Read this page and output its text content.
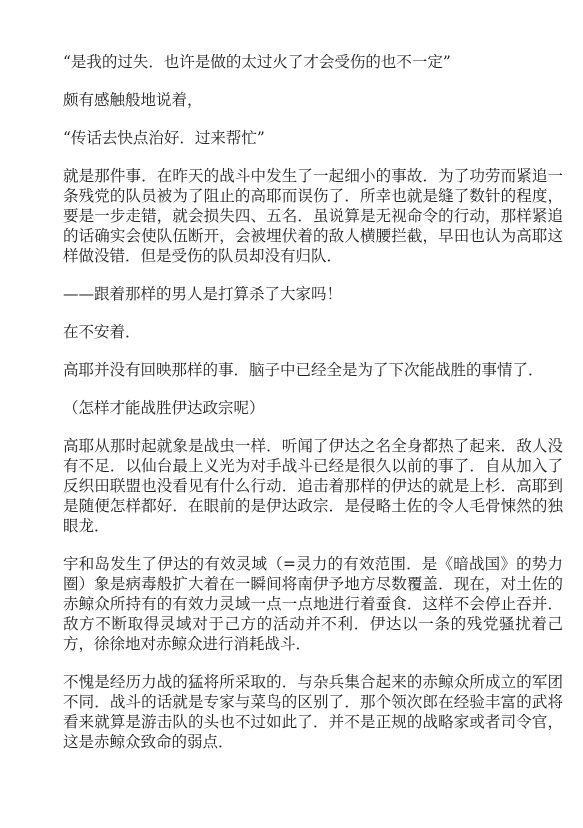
“是我的过失．也许是做的太过火了才会受伤的也不一定”

颇有感触般地说着，

“传话去快点治好．过来帮忙”

就是那件事．在昨天的战斗中发生了一起细小的事故．为了功劳而紧追一条残党的队员被为了阻止的高耶而误伤了．所幸也就是缝了数针的程度，要是一步走错，就会损失四、五名．虽说算是无视命令的行动，那样紧追的话确实会使队伍断开，会被埋伏着的敌人横腰拦截，早田也认为高耶这样做没错．但是受伤的队员却没有归队．

——跟着那样的男人是打算杀了大家吗！

在不安着．

高耶并没有回映那样的事．脑子中已经全是为了下次能战胜的事情了．

（怎样才能战胜伊达政宗呢）

高耶从那时起就象是战虫一样．听闻了伊达之名全身都热了起来．敌人没有不足．以仙台最上义光为对手战斗已经是很久以前的事了．自从加入了反织田联盟也没看见有什么行动．追击着那样的伊达的就是上杉．高耶到是随便怎样都好．在眼前的是伊达政宗．是侵略土佐的令人毛骨悚然的独眼龙．

宇和岛发生了伊达的有效灵域（=灵力的有效范围．是《暗战国》的势力圈）象是病毒般扩大着在一瞬间将南伊予地方尽数覆盖．现在，对土佐的赤鲸众所持有的有效力灵域一点一点地进行着蚕食．这样不会停止吞并．敌方不断取得灵域对于己方的活动并不利．伊达以一条的残党骚扰着己方，徐徐地对赤鲸众进行消耗战斗．

不愧是经历力战的猛将所采取的．与杂兵集合起来的赤鲸众所成立的军团不同．战斗的话就是专家与菜鸟的区别了．那个领次郎在经验丰富的武将看来就算是游击队的头也不过如此了．并不是正规的战略家或者司令官，这是赤鲸众致命的弱点．
